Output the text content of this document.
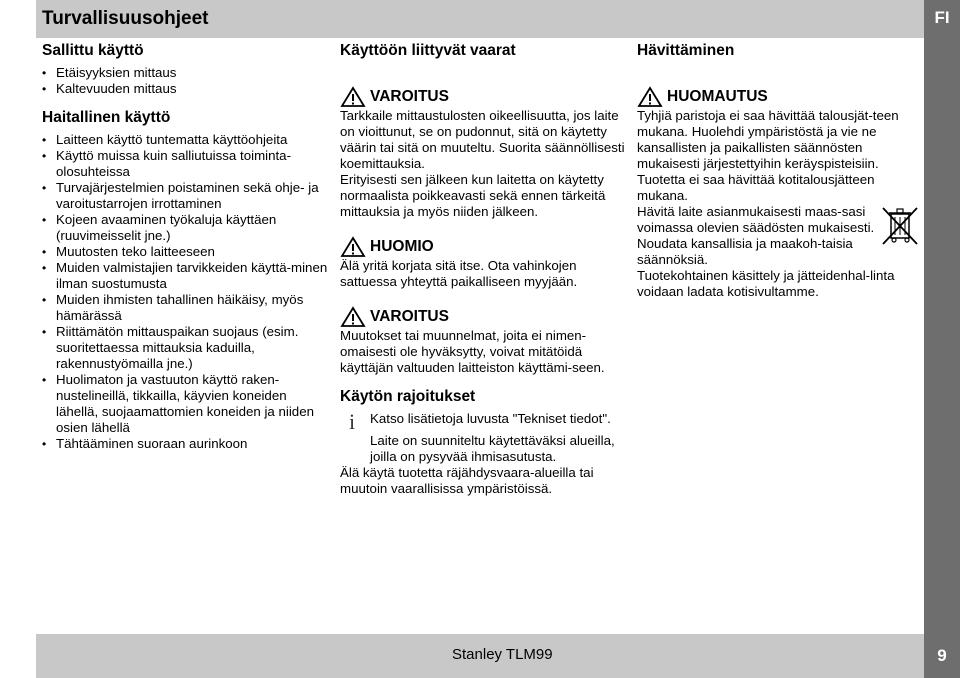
Turvallisuusohjeet	FI
Stanley TLM99	9
Sallittu käyttö
• Etäisyyksien mittaus
• Kaltevuuden mittaus
Haitallinen käyttö
• Laitteen käyttö tuntematta käyttöohjeita
• Käyttö muissa kuin salliutuissa toiminta-olosuhteissa
• Turvajärjestelmien poistaminen sekä ohje- ja varoitustarrojen irrottaminen
• Kojeen avaaminen työkaluja käyttäen (ruuvimeisselit jne.)
• Muutosten teko laitteeseen
• Muiden valmistajien tarvikkeiden käyttä-minen ilman suostumusta
• Muiden ihmisten tahallinen häikäisy, myös hämärässä
• Riittämätön mittauspaikan suojaus (esim. suoritettaessa mittauksia kaduilla, rakennustyömailla jne.)
• Huolimaton ja vastuuton käyttö raken-nustelineillä, tikkailla, käyvien koneiden lähellä, suojaamattomien koneiden ja niiden osien lähellä
• Tähtääminen suoraan aurinkoon
Käyttöön liittyvät vaarat
VAROITUS

Tarkkaile mittaustulosten oikeellisuutta, jos laite on vioittunut, se on pudonnut, sitä on käytetty väärin tai sitä on muuteltu. Suorita säännöllisesti koemittauksia.

Erityisesti sen jälkeen kun laitetta on käytetty normaalista poikkeavasti sekä ennen tärkeitä mittauksia ja myös niiden jälkeen.

HUOMIO

Älä yritä korjata sitä itse. Ota vahinkojen sattuessa yhteyttä paikalliseen myyjään.

VAROITUS

Muutokset tai muunnelmat, joita ei nimen-omaisesti ole hyväksytty, voivat mitätöidä käyttäjän valtuuden laitteiston käyttämi-seen.

Käytön rajoitukset
i	Katso lisätietoja luvusta "Tekniset tiedot".

Laite on suunniteltu käytettäväksi alueilla, joilla on pysyvää ihmisasutusta.

Älä käytä tuotetta räjähdysvaara-alueilla tai muutoin vaarallisissa ympäristöissä.

Hävittäminen
HUOMAUTUS

Tyhjiä paristoja ei saa hävittää talousjät-teen mukana. Huolehdi ympäristöstä ja vie ne kansallisten ja paikallisten säännösten mukaisesti järjestettyihin keräyspisteisiin.

Tuotetta ei saa hävittää kotitalousjätteen mukana.

Hävitä laite asianmukaisesti maas-sasi voimassa olevien säädösten mukaisesti.

Noudata kansallisia ja maakoh-taisia säännöksiä.

Tuotekohtainen käsittely ja jätteidenhal-linta voidaan ladata kotisivultamme.
